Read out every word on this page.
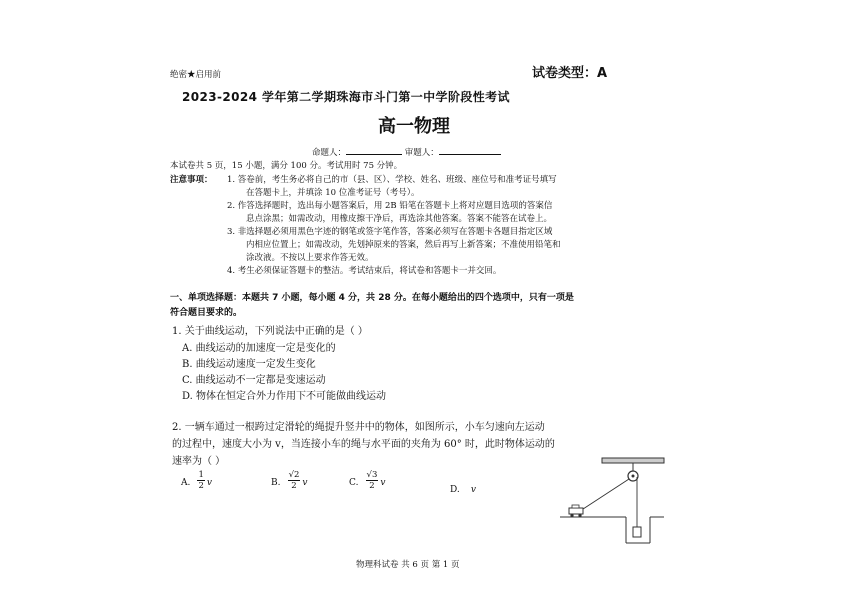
绝密★启用前	试卷类型：A
2023-2024 学年第二学期珠海市斗门第一中学阶段性考试
高一物理
命题人：	审题人：
本试卷共 5 页，15 小题，满分 100 分。考试用时 75 分钟。
注意事项： 1. 答卷前，考生务必将自己的市（县、区）、学校、姓名、班级、座位号和准考证号填写
在答题卡上，并填涂 10 位准考证号（考号）。
2. 作答选择题时，选出每小题答案后，用 2B 铅笔在答题卡上将对应题目选项的答案信
息点涂黑；如需改动，用橡皮擦干净后，再选涂其他答案。答案不能答在试卷上。
3. 非选择题必须用黑色字迹的钢笔或签字笔作答，答案必须写在答题卡各题目指定区域
内相应位置上；如需改动，先划掉原来的答案，然后再写上新答案；不准使用铅笔和
涂改液。不按以上要求作答无效。
4. 考生必须保证答题卡的整洁。考试结束后，将试卷和答题卡一并交回。
一、单项选择题：本题共 7 小题，每小题 4 分，共 28 分。在每小题给出的四个选项中，只有一项是
符合题目要求的。
1. 关于曲线运动，下列说法中正确的是（ ）
A. 曲线运动的加速度一定是变化的
B. 曲线运动速度一定发生变化
C. 曲线运动不一定都是变速运动
D. 物体在恒定合外力作用下不可能做曲线运动
2. 一辆车通过一根跨过定滑轮的绳提升竖井中的物体，如图所示，小车匀速向左运动
的过程中，速度大小为 v，当连接小车的绳与水平面的夹角为 60° 时，此时物体运动的
速率为（ ）
A. $\frac{1}{2}$ v	B. $\frac{√2}{2}$ v	C. $\frac{√3}{2}$ v
D. v
物理科试卷 共 6 页 第 1 页
